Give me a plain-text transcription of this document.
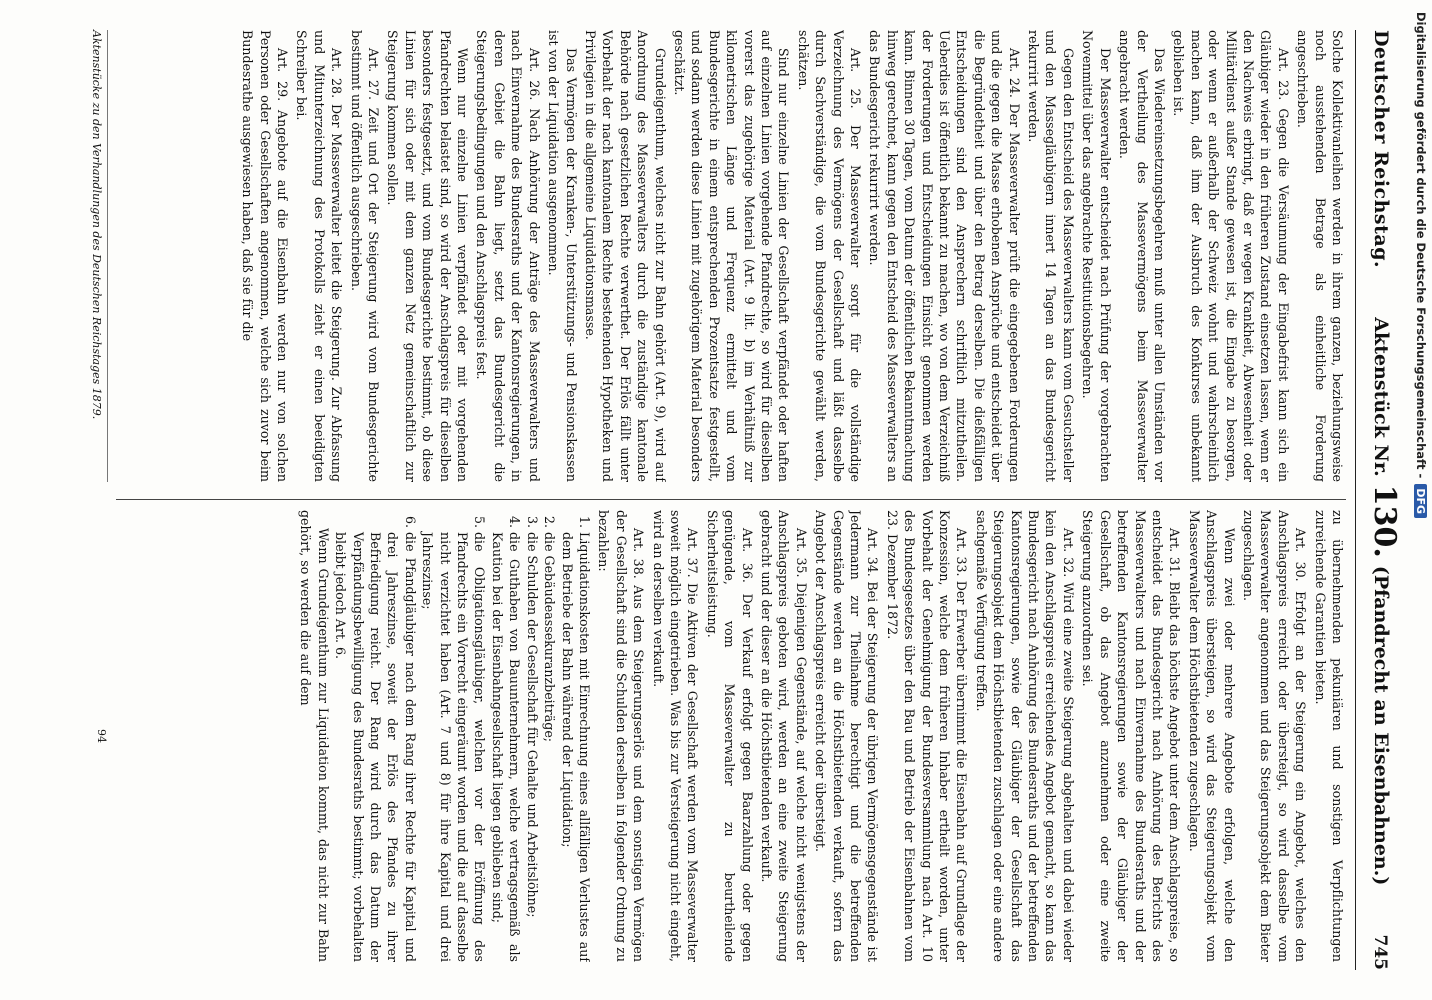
Deutscher Reichstag.
Aktenstück Nr.130.(Pfandrecht an Eisenbahnen.)
745

Solche Kollektivanleihen werden in ihrem ganzen, beziehungsweise noch ausstehenden Betrage als einheitliche Forderung angeschrieben.

Art. 23. Gegen die Versäumung der Eingabefrist kann sich ein Gläubiger wieder in den früheren Zustand einsetzen lassen, wenn er den Nachweis erbringt, daß er wegen Krankheit, Abwesenheit oder Militärdienst außer Stande gewesen ist, die Eingabe zu besorgen, oder wenn er außerhalb der Schweiz wohnt und wahrscheinlich machen kann, daß ihm der Ausbruch des Konkurses unbekannt geblieben ist.

Das Wiedereinsetzungsbegehren muß unter allen Umständen vor der Vertheilung des Massevermögens beim Masseverwalter angebracht werden.

Der Masseverwalter entscheidet nach Prüfung der vorgebrachten Novenmittel über das angebrachte Restitutionsbegehren.

Gegen den Entscheid des Masseverwalters kann vom Gesuchsteller und den Massegläubigern innert 14 Tagen an das Bundesgericht rekurrirt werden.

Art. 24. Der Masseverwalter prüft die eingegebenen Forderungen und die gegen die Masse erhobenen Ansprüche und entscheidet über die Begründetheit und über den Betrag derselben. Die dießfälligen Entscheidungen sind den Ansprechern schriftlich mitzutheilen. Ueberdies ist öffentlich bekannt zu machen, wo von dem Verzeichniß der Forderungen und Entscheidungen Einsicht genommen werden kann. Binnen 30 Tagen, vom Datum der öffentlichen Bekanntmachung hinweg gerechnet, kann gegen den Entscheid des Masseverwalters an das Bundesgericht rekurrirt werden.

Art. 25. Der Masseverwalter sorgt für die vollständige Verzeichnung des Vermögens der Gesellschaft und läßt dasselbe durch Sachverständige, die vom Bundesgerichte gewählt werden, schätzen.

Sind nur einzelne Linien der Gesellschaft verpfändet oder haften auf einzelnen Linien vorgehende Pfandrechte, so wird für dieselben vorerst das zugehörige Material (Art. 9 lit. b) im Verhältniß zur kilometrischen Länge und Frequenz ermittelt und vom Bundesgerichte in einem entsprechenden Prozentsatze festgestellt, und sodann werden diese Linien mit zugehörigem Material besonders geschätzt.

Grundeigenthum, welches nicht zur Bahn gehört (Art. 9), wird auf Anordnung des Masseverwalters durch die zuständige kantonale Behörde nach gesetzlichen Rechte verwerthet. Der Erlös fällt unter Vorbehalt der nach kantonalem Rechte bestehenden Hypotheken und Privilegien in die allgemeine Liquidationsmasse.

Das Vermögen der Kranken-, Unterstützungs- und Pensionskassen ist von der Liquidation ausgenommen.

Art. 26. Nach Anhörung der Anträge des Masseverwalters und nach Einvernahme des Bundesraths und der Kantonsregierungen, in deren Gebiet die Bahn liegt, setzt das Bundesgericht die Steigerungsbedingungen und den Anschlagspreis fest.

Wenn nur einzelne Linien verpfändet oder mit vorgehenden Pfandrechten belastet sind, so wird der Anschlagspreis für dieselben besonders festgesetzt, und vom Bundesgerichte bestimmt, ob diese Linien für sich oder mit dem ganzen Netz gemeinschaftlich zur Steigerung kommen sollen.

Art. 27. Zeit und Ort der Steigerung wird vom Bundesgerichte bestimmt und öffentlich ausgeschrieben.

Art. 28. Der Masseverwalter leitet die Steigerung. Zur Abfassung und Mitunterzeichnung des Protokolls zieht er einen beeidigten Schreiber bei.

Art. 29. Angebote auf die Eisenbahn werden nur von solchen Personen oder Gesellschaften angenommen, welche sich zuvor beim Bundesrathe ausgewiesen haben, daß sie für die

zu übernehmenden pekuniären und sonstigen Verpflichtungen zureichende Garantien bieten.

Art. 30. Erfolgt an der Steigerung ein Angebot, welches den Anschlagspreis erreicht oder übersteigt, so wird dasselbe vom Masseverwalter angenommen und das Steigerungsobjekt dem Bieter zugeschlagen.

Wenn zwei oder mehrere Angebote erfolgen, welche den Anschlagspreis übersteigen, so wird das Steigerungsobjekt vom Masseverwalter dem Höchstbietenden zugeschlagen.

Art. 31. Bleibt das höchste Angebot unter dem Anschlagspreise, so entscheidet das Bundesgericht nach Anhörung des Berichts des Masseverwalters und nach Einvernahme des Bundesraths und der betreffenden Kantonsregierungen sowie der Gläubiger der Gesellschaft, ob das Angebot anzunehmen oder eine zweite Steigerung anzuordnen sei.

Art. 32. Wird eine zweite Steigerung abgehalten und dabei wieder kein den Anschlagspreis erreichendes Angebot gemacht, so kann das Bundesgericht nach Anhörung des Bundesraths und der betreffenden Kantonsregierungen, sowie der Gläubiger der Gesellschaft das Steigerungsobjekt dem Höchstbietenden zuschlagen oder eine andere sachgemäße Verfügung treffen.

Art. 33. Der Erwerber übernimmt die Eisenbahn auf Grundlage der Konzession, welche dem früheren Inhaber ertheilt worden, unter Vorbehalt der Genehmigung der Bundesversammlung nach Art. 10 des Bundesgesetzes über den Bau und Betrieb der Eisenbahnen vom 23. Dezember 1872.

Art. 34. Bei der Steigerung der übrigen Vermögensgegenstände ist Jedermann zur Theilnahme berechtigt und die betreffenden Gegenstände werden an die Höchstbietenden verkauft, sofern das Angebot der Anschlagspreis erreicht oder übersteigt.

Art. 35. Diejenigen Gegenstände, auf welche nicht wenigstens der Anschlagspreis geboten wird, werden an eine zweite Steigerung gebracht und der dieser an die Höchstbietenden verkauft.

Art. 36. Der Verkauf erfolgt gegen Baarzahlung oder gegen genügende, vom Masseverwalter zu beurtheilende Sicherheitsleistung.

Art. 37. Die Aktiven der Gesellschaft werden vom Masseverwalter soweit möglich eingetrieben. Was bis zur Versteigerung nicht eingeht, wird an derselben verkauft.

Art. 38. Aus dem Steigerungserlös und dem sonstigen Vermögen der Gesellschaft sind die Schulden derselben in folgender Ordnung zu bezahlen:

1. Liquidationskosten mit Einrechnung eines allfälligen Verlustes auf dem Betriebe der Bahn während der Liquidation;
2. die Gebäudeassekuranzbeiträge;
3. die Schulden der Gesellschaft für Gehalte und Arbeitslöhne;
4. die Guthaben von Bauunternehmern, welche vertragsgemäß als Kaution bei der Eisenbahngesellschaft liegen geblieben sind;
5. die Obligationsgläubiger, welchen vor der Eröffnung des Pfandrechts ein Vorrecht eingeräumt worden und die auf dasselbe nicht verzichtet haben (Art. 7 und 8) für ihre Kapital und drei Jahreszinse;
6. die Pfandgläubiger nach dem Rang ihrer Rechte für Kapital und drei Jahreszinse, soweit der Erlös des Pfandes zu ihrer Befriedigung reicht. Der Rang wird durch das Datum der Verpfändungsbewilligung des Bundesraths bestimmt; vorbehalten bleibt jedoch Art. 6.

Wenn Grundeigenthum zur Liquidation kommt, das nicht zur Bahn gehört, so werden die auf dem

Aktenstücke zu den Verhandlungen des Deutschen Reichstages 1879.
94
Digitalisierung gefördert durch die Deutsche Forschungsgemeinschaft -
DFG
